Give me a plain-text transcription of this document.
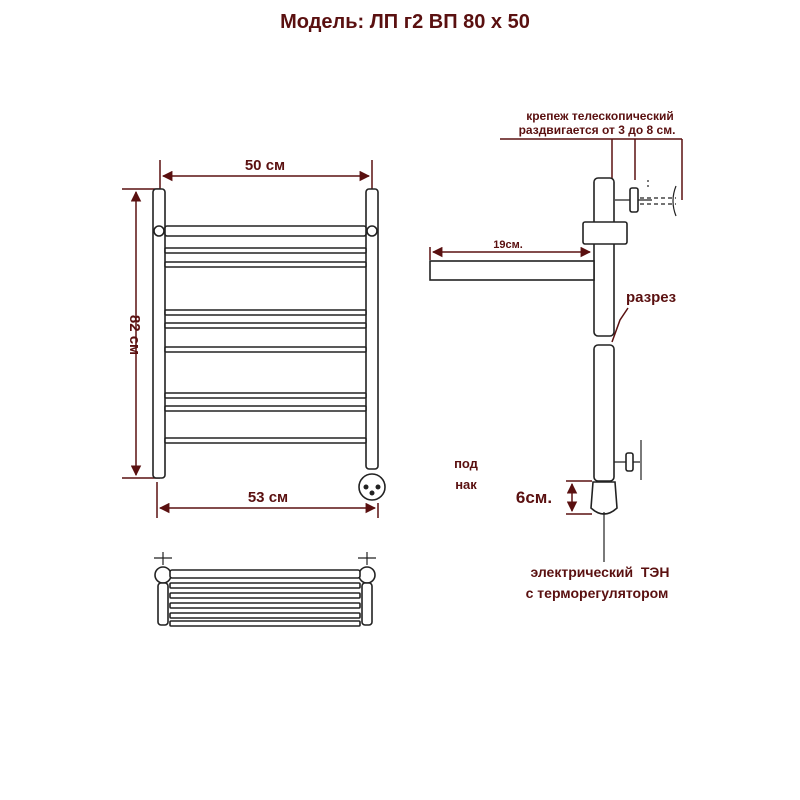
Модель: ЛП г2 ВП 80 х 50
50 см
82 см
53 см
крепеж телескопический
раздвигается от 3 до 8 см.
19см.
разрез
6см.
под
нак
электрический  ТЭН
с терморегулятором
